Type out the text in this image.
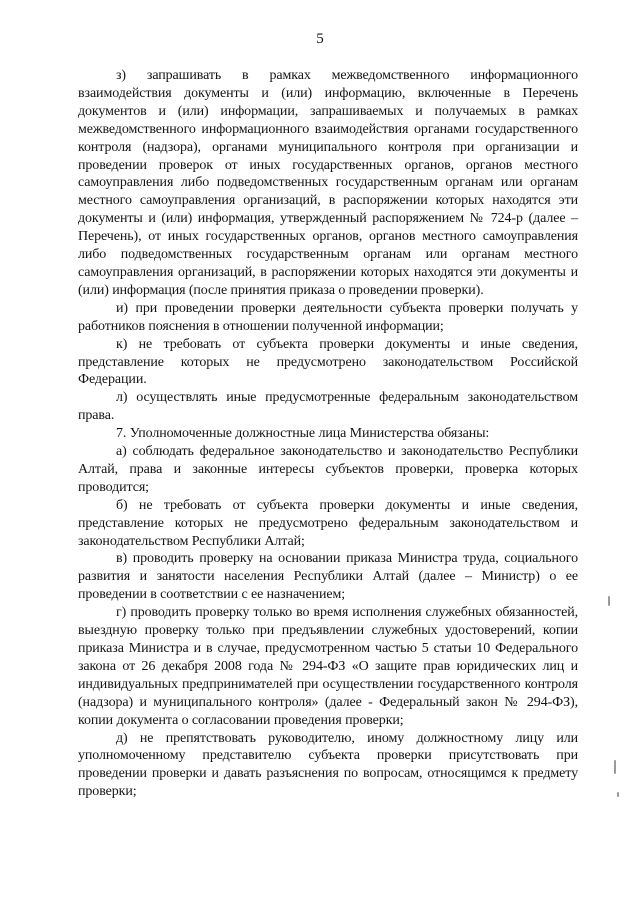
5

з) запрашивать в рамках межведомственного информационного взаимодействия документы и (или) информацию, включенные в Перечень документов и (или) информации, запрашиваемых и получаемых в рамках межведомственного информационного взаимодействия органами государственного контроля (надзора), органами муниципального контроля при организации и проведении проверок от иных государственных органов, органов местного самоуправления либо подведомственных государственным органам или органам местного самоуправления организаций, в распоряжении которых находятся эти документы и (или) информация, утвержденный распоряжением № 724-р (далее – Перечень), от иных государственных органов, органов местного самоуправления либо подведомственных государственным органам или органам местного самоуправления организаций, в распоряжении которых находятся эти документы и (или) информация (после принятия приказа о проведении проверки).

и) при проведении проверки деятельности субъекта проверки получать у работников пояснения в отношении полученной информации;

к) не требовать от субъекта проверки документы и иные сведения, представление которых не предусмотрено законодательством Российской Федерации.

л) осуществлять иные предусмотренные федеральным законодательством права.

7. Уполномоченные должностные лица Министерства обязаны:

а) соблюдать федеральное законодательство и законодательство Республики Алтай, права и законные интересы субъектов проверки, проверка которых проводится;

б) не требовать от субъекта проверки документы и иные сведения, представление которых не предусмотрено федеральным законодательством и законодательством Республики Алтай;

в) проводить проверку на основании приказа Министра труда, социального развития и занятости населения Республики Алтай (далее – Министр) о ее проведении в соответствии с ее назначением;

г) проводить проверку только во время исполнения служебных обязанностей, выездную проверку только при предъявлении служебных удостоверений, копии приказа Министра и в случае, предусмотренном частью 5 статьи 10 Федерального закона от 26 декабря 2008 года № 294-ФЗ «О защите прав юридических лиц и индивидуальных предпринимателей при осуществлении государственного контроля (надзора) и муниципального контроля» (далее - Федеральный закон № 294-ФЗ), копии документа о согласовании проведения проверки;

д) не препятствовать руководителю, иному должностному лицу или уполномоченному представителю субъекта проверки присутствовать при проведении проверки и давать разъяснения по вопросам, относящимся к предмету проверки;
